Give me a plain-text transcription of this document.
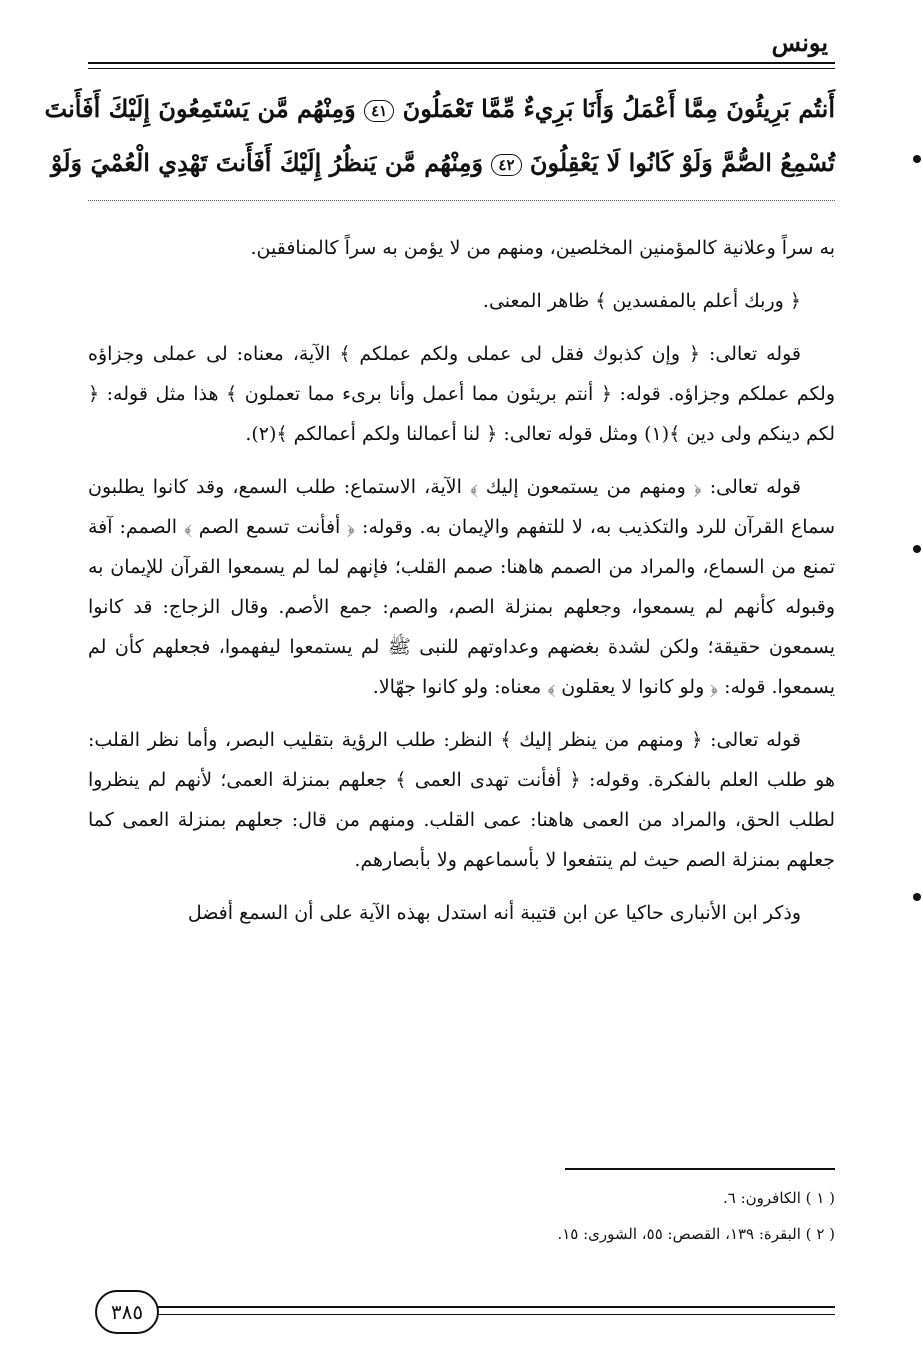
يونس
أَنتُم بَرِيئُونَ مِمَّا أَعْمَلُ وَأَنَا بَرِيءٌ مِّمَّا تَعْمَلُونَ ٤١ وَمِنْهُم مَّن يَسْتَمِعُونَ إِلَيْكَ أَفَأَنتَ
تُسْمِعُ الصُّمَّ وَلَوْ كَانُوا لَا يَعْقِلُونَ ٤٢ وَمِنْهُم مَّن يَنظُرُ إِلَيْكَ أَفَأَنتَ تَهْدِي الْعُمْيَ وَلَوْ

به سراً وعلانية كالمؤمنين المخلصين، ومنهم من لا يؤمن به سراً كالمنافقين.

﴿ وربك أعلم بالمفسدين ﴾ ظاهر المعنى.

قوله تعالى: ﴿ وإن كذبوك فقل لى عملى ولكم عملكم ﴾ الآية، معناه: لى عملى وجزاؤه ولكم عملكم وجزاؤه. قوله: ﴿ أنتم بريئون مما أعمل وأنا برىء مما تعملون ﴾ هذا مثل قوله: ﴿ لكم دينكم ولى دين ﴾(١) ومثل قوله تعالى: ﴿ لنا أعمالنا ولكم أعمالكم ﴾(٢).

قوله تعالى: ﴿ ومنهم من يستمعون إليك ﴾ الآية، الاستماع: طلب السمع، وقد كانوا يطلبون سماع القرآن للرد والتكذيب به، لا للتفهم والإيمان به. وقوله: ﴿ أفأنت تسمع الصم ﴾ الصمم: آفة تمنع من السماع، والمراد من الصمم هاهنا: صمم القلب؛ فإنهم لما لم يسمعوا القرآن للإيمان به وقبوله كأنهم لم يسمعوا، وجعلهم بمنزلة الصم، والصم: جمع الأصم. وقال الزجاج: قد كانوا يسمعون حقيقة؛ ولكن لشدة بغضهم وعداوتهم للنبى ﷺ لم يستمعوا ليفهموا، فجعلهم كأن لم يسمعوا. قوله: ﴿ ولو كانوا لا يعقلون ﴾ معناه: ولو كانوا جهّالا.

قوله تعالى: ﴿ ومنهم من ينظر إليك ﴾ النظر: طلب الرؤية بتقليب البصر، وأما نظر القلب: هو طلب العلم بالفكرة. وقوله: ﴿ أفأنت تهدى العمى ﴾ جعلهم بمنزلة العمى؛ لأنهم لم ينظروا لطلب الحق، والمراد من العمى هاهنا: عمى القلب. ومنهم من قال: جعلهم بمنزلة العمى كما جعلهم بمنزلة الصم حيث لم ينتفعوا لا بأسماعهم ولا بأبصارهم.

وذكر ابن الأنبارى حاكيا عن ابن قتيبة أنه استدل بهذه الآية على أن السمع أفضل

( ١ ) الكافرون: ٦.
( ٢ ) البقرة: ١٣٩، القصص: ٥٥، الشورى: ١٥.
٣٨٥
